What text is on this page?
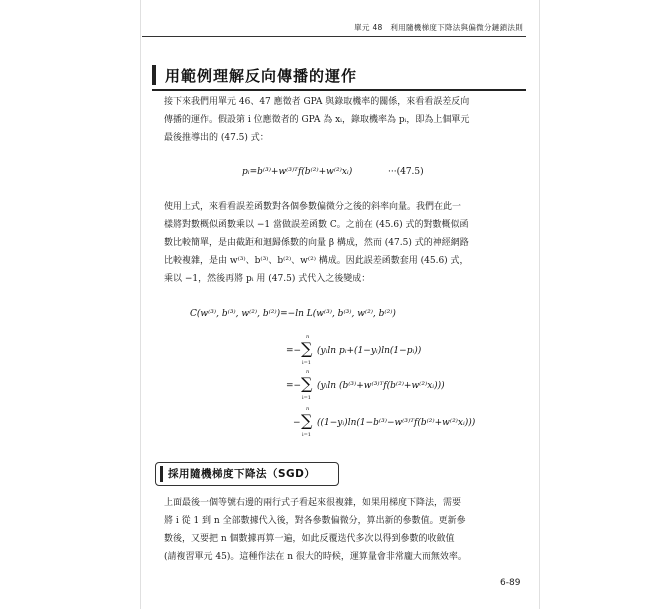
單元 48　利用隨機梯度下降法與偏微分鏈鎖法則
用範例理解反向傳播的運作
接下來我們用單元 46、47 應徵者 GPA 與錄取機率的關係，來看看誤差反向
傳播的運作。假設第 i 位應徵者的 GPA 為 xᵢ，錄取機率為 pᵢ，即為上個單元
最後推導出的 (47.5) 式：
pᵢ=b⁽³⁾+w⁽³⁾ᵀf(b⁽²⁾+w⁽²⁾xᵢ)	···(47.5)
使用上式，來看看誤差函數對各個參數偏微分之後的斜率向量。我們在此一
樣將對數概似函數乘以 −1 當做誤差函數 C。之前在 (45.6) 式的對數概似函
數比較簡單，是由截距和迴歸係數的向量 β 構成，然而 (47.5) 式的神經網路
比較複雜，是由 w⁽³⁾、b⁽³⁾、b⁽²⁾、w⁽²⁾ 構成。因此誤差函數套用 (45.6) 式，
乘以 −1，然後再將 pᵢ 用 (47.5) 式代入之後變成：
C(w⁽³⁾, b⁽³⁾, w⁽²⁾, b⁽²⁾)=−ln L(w⁽³⁾, b⁽³⁾, w⁽²⁾, b⁽²⁾)
=−
n
∑
i=1
(yᵢln pᵢ+(1−yᵢ)ln(1−pᵢ))
=−
n
∑
i=1
(yᵢln (b⁽³⁾+w⁽³⁾ᵀf(b⁽²⁾+w⁽²⁾xᵢ)))
−
n
∑
i=1
((1−yᵢ)ln(1−b⁽³⁾−w⁽³⁾ᵀf(b⁽²⁾+w⁽²⁾xᵢ)))
採用隨機梯度下降法（SGD）
上面最後一個等號右邊的兩行式子看起來很複雜，如果用梯度下降法，需要
將 i 從 1 到 n 全部數據代入後，對各參數偏微分，算出新的參數值。更新參
數後，又要把 n 個數據再算一遍，如此反覆迭代多次以得到參數的收斂值
(請複習單元 45)。這種作法在 n 很大的時候，運算量會非常龐大而無效率。
6-89
